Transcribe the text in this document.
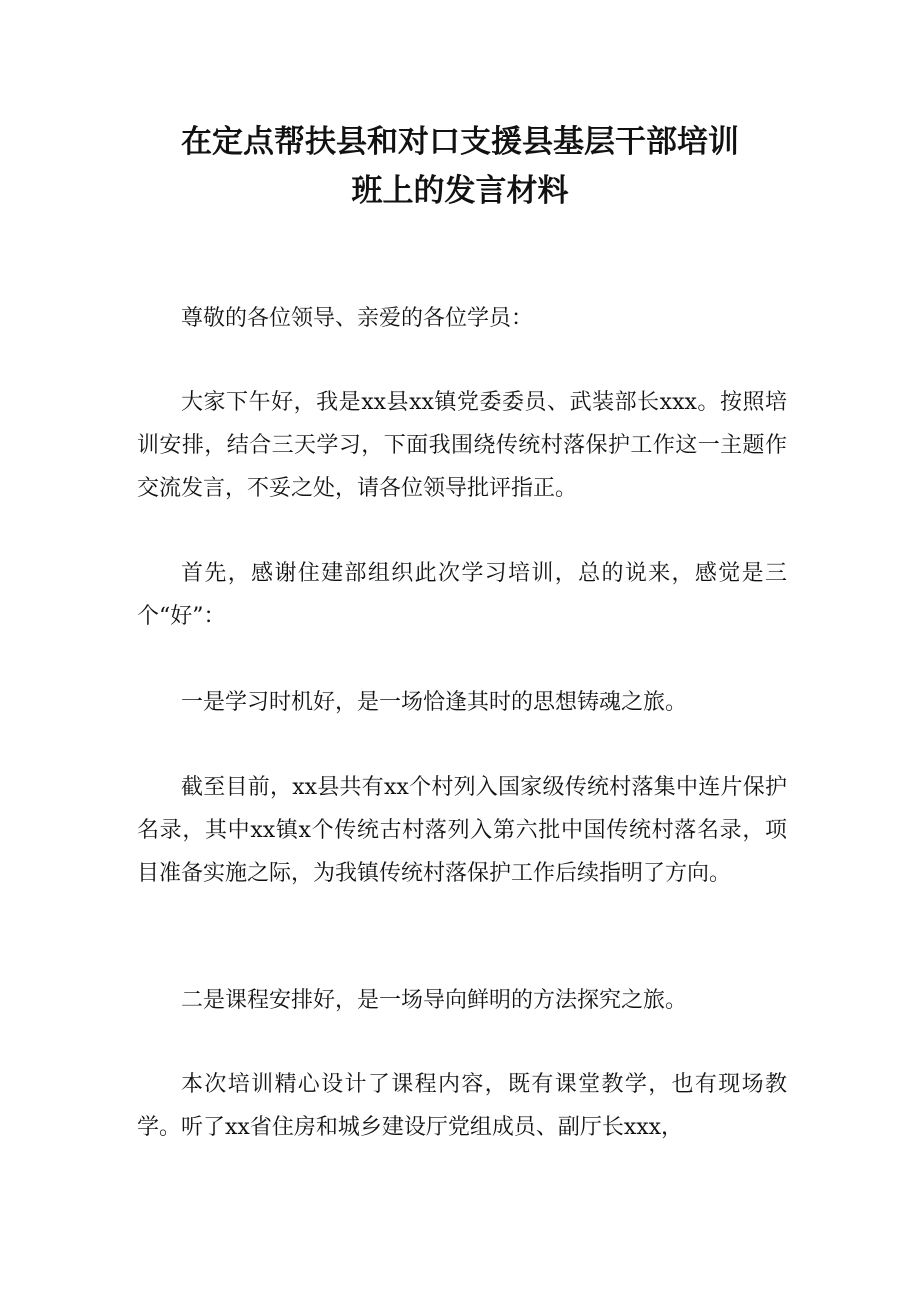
在定点帮扶县和对口支援县基层干部培训
班上的发言材料

尊敬的各位领导、亲爱的各位学员：

大家下午好，我是xx县xx镇党委委员、武装部长xxx。按照培训安排，结合三天学习，下面我围绕传统村落保护工作这一主题作交流发言，不妥之处，请各位领导批评指正。

首先，感谢住建部组织此次学习培训，总的说来，感觉是三个“好”：

一是学习时机好，是一场恰逢其时的思想铸魂之旅。

截至目前，xx县共有xx个村列入国家级传统村落集中连片保护名录，其中xx镇x个传统古村落列入第六批中国传统村落名录，项目准备实施之际，为我镇传统村落保护工作后续指明了方向。

二是课程安排好，是一场导向鲜明的方法探究之旅。

本次培训精心设计了课程内容，既有课堂教学，也有现场教学。听了xx省住房和城乡建设厅党组成员、副厅长xxx，
